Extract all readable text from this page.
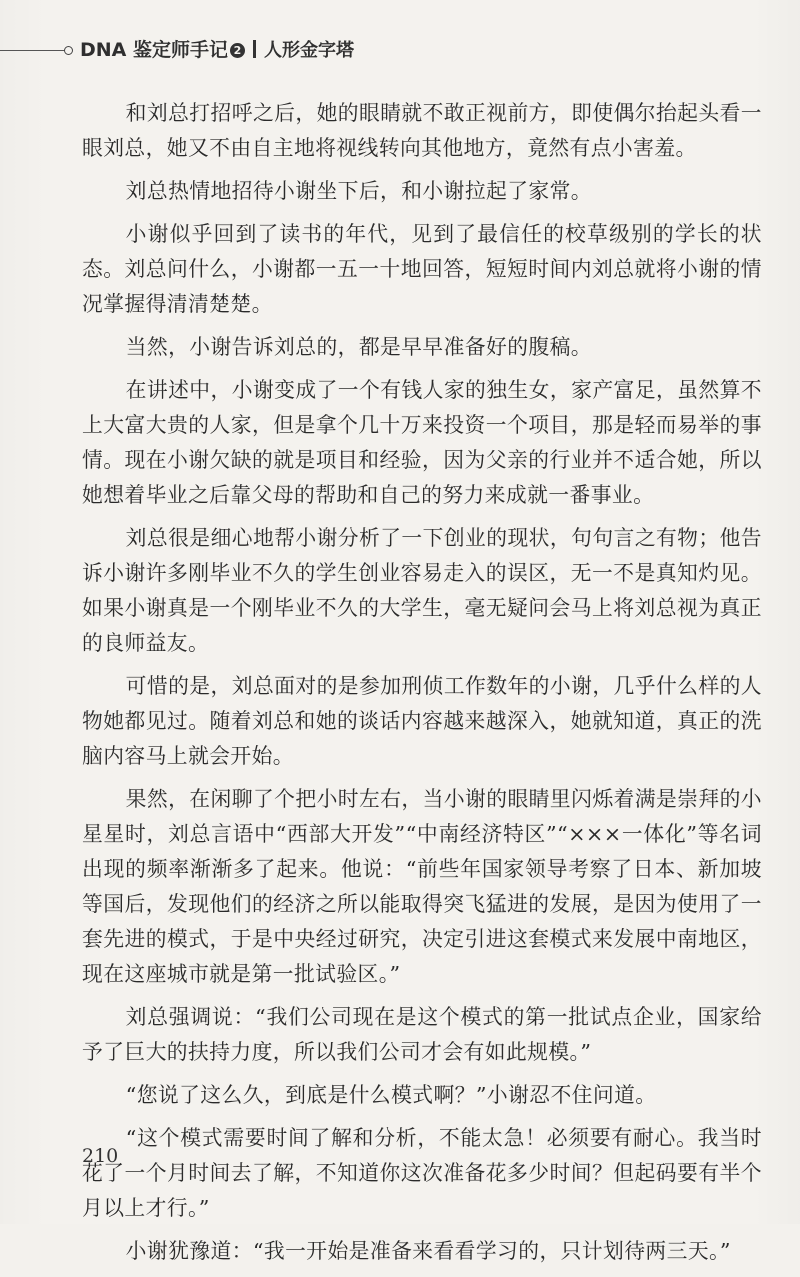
DNA 鉴定师手记 2 人形金字塔

和刘总打招呼之后，她的眼睛就不敢正视前方，即使偶尔抬起头看一眼刘总，她又不由自主地将视线转向其他地方，竟然有点小害羞。

刘总热情地招待小谢坐下后，和小谢拉起了家常。

小谢似乎回到了读书的年代，见到了最信任的校草级别的学长的状态。刘总问什么，小谢都一五一十地回答，短短时间内刘总就将小谢的情况掌握得清清楚楚。

当然，小谢告诉刘总的，都是早早准备好的腹稿。

在讲述中，小谢变成了一个有钱人家的独生女，家产富足，虽然算不上大富大贵的人家，但是拿个几十万来投资一个项目，那是轻而易举的事情。现在小谢欠缺的就是项目和经验，因为父亲的行业并不适合她，所以她想着毕业之后靠父母的帮助和自己的努力来成就一番事业。

刘总很是细心地帮小谢分析了一下创业的现状，句句言之有物；他告诉小谢许多刚毕业不久的学生创业容易走入的误区，无一不是真知灼见。如果小谢真是一个刚毕业不久的大学生，毫无疑问会马上将刘总视为真正的良师益友。

可惜的是，刘总面对的是参加刑侦工作数年的小谢，几乎什么样的人物她都见过。随着刘总和她的谈话内容越来越深入，她就知道，真正的洗脑内容马上就会开始。

果然，在闲聊了个把小时左右，当小谢的眼睛里闪烁着满是崇拜的小星星时，刘总言语中“西部大开发”“中南经济特区”“×××一体化”等名词出现的频率渐渐多了起来。他说：“前些年国家领导考察了日本、新加坡等国后，发现他们的经济之所以能取得突飞猛进的发展，是因为使用了一套先进的模式，于是中央经过研究，决定引进这套模式来发展中南地区，现在这座城市就是第一批试验区。”

刘总强调说：“我们公司现在是这个模式的第一批试点企业，国家给予了巨大的扶持力度，所以我们公司才会有如此规模。”

“您说了这么久，到底是什么模式啊？”小谢忍不住问道。

“这个模式需要时间了解和分析，不能太急！必须要有耐心。我当时花了一个月时间去了解，不知道你这次准备花多少时间？但起码要有半个月以上才行。”

小谢犹豫道：“我一开始是准备来看看学习的，只计划待两三天。”

210
